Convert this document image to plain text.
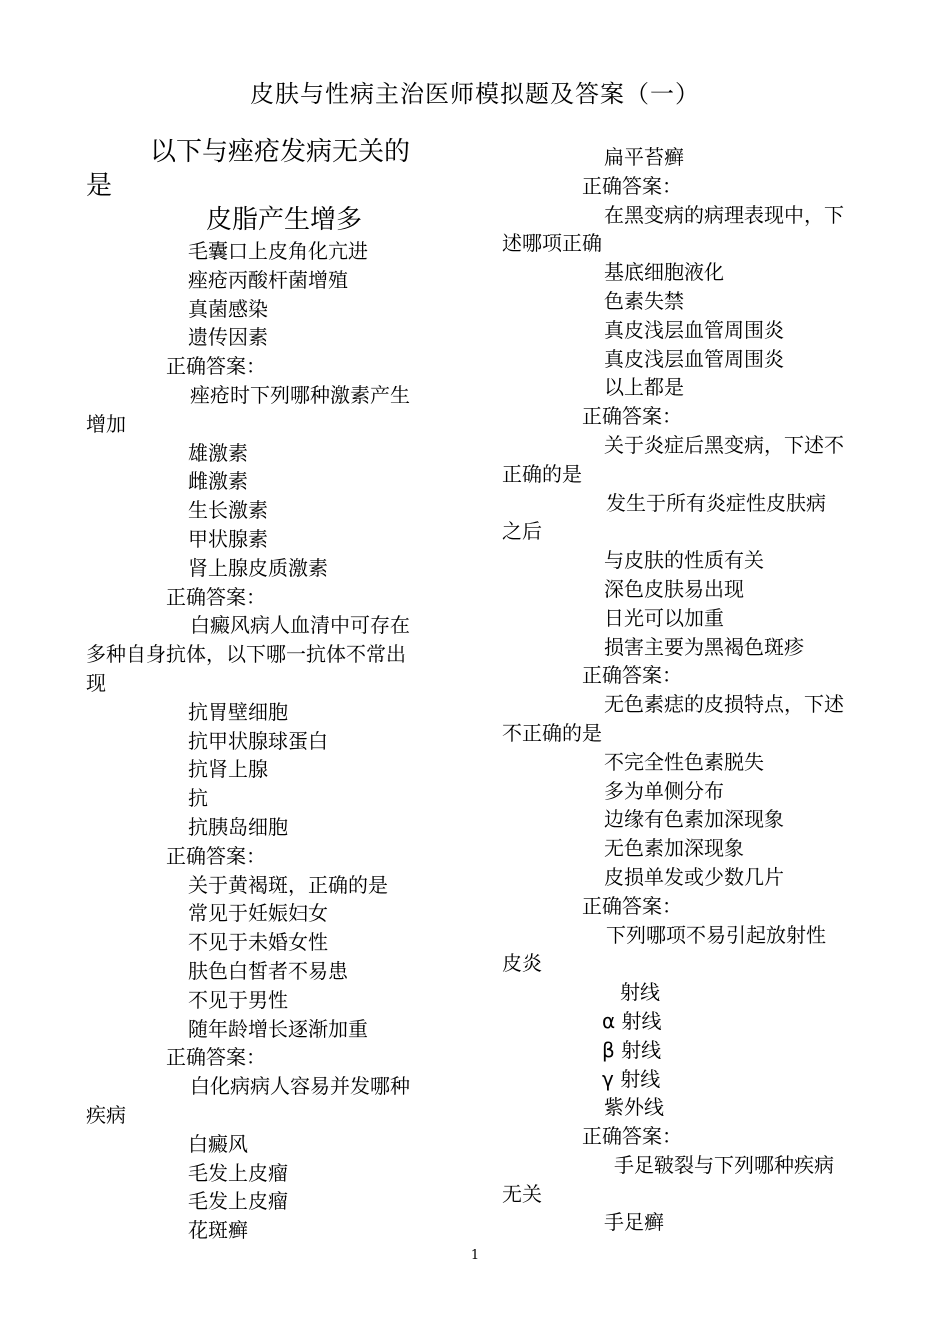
皮肤与性病主治医师模拟题及答案（一）
以下与痤疮发病无关的
是
皮脂产生增多
毛囊口上皮角化亢进
痤疮丙酸杆菌增殖
真菌感染
遗传因素
正确答案：
痤疮时下列哪种激素产生
增加
雄激素
雌激素
生长激素
甲状腺素
肾上腺皮质激素
正确答案：
白癜风病人血清中可存在
多种自身抗体，以下哪一抗体不常出
现
抗胃壁细胞
抗甲状腺球蛋白
抗肾上腺
抗
抗胰岛细胞
正确答案：
关于黄褐斑，正确的是
常见于妊娠妇女
不见于未婚女性
肤色白皙者不易患
不见于男性
随年龄增长逐渐加重
正确答案：
白化病病人容易并发哪种
疾病
白癜风
毛发上皮瘤
毛发上皮瘤
花斑癣
扁平苔癣
正确答案：
在黑变病的病理表现中，下
述哪项正确
基底细胞液化
色素失禁
真皮浅层血管周围炎
真皮浅层血管周围炎
以上都是
正确答案：
关于炎症后黑变病，下述不
正确的是
发生于所有炎症性皮肤病
之后
与皮肤的性质有关
深色皮肤易出现
日光可以加重
损害主要为黑褐色斑疹
正确答案：
无色素痣的皮损特点，下述
不正确的是
不完全性色素脱失
多为单侧分布
边缘有色素加深现象
无色素加深现象
皮损单发或少数几片
正确答案：
下列哪项不易引起放射性
皮炎
射线
α 射线
β 射线
γ 射线
紫外线
正确答案：
手足皲裂与下列哪种疾病
无关
手足癣
1
